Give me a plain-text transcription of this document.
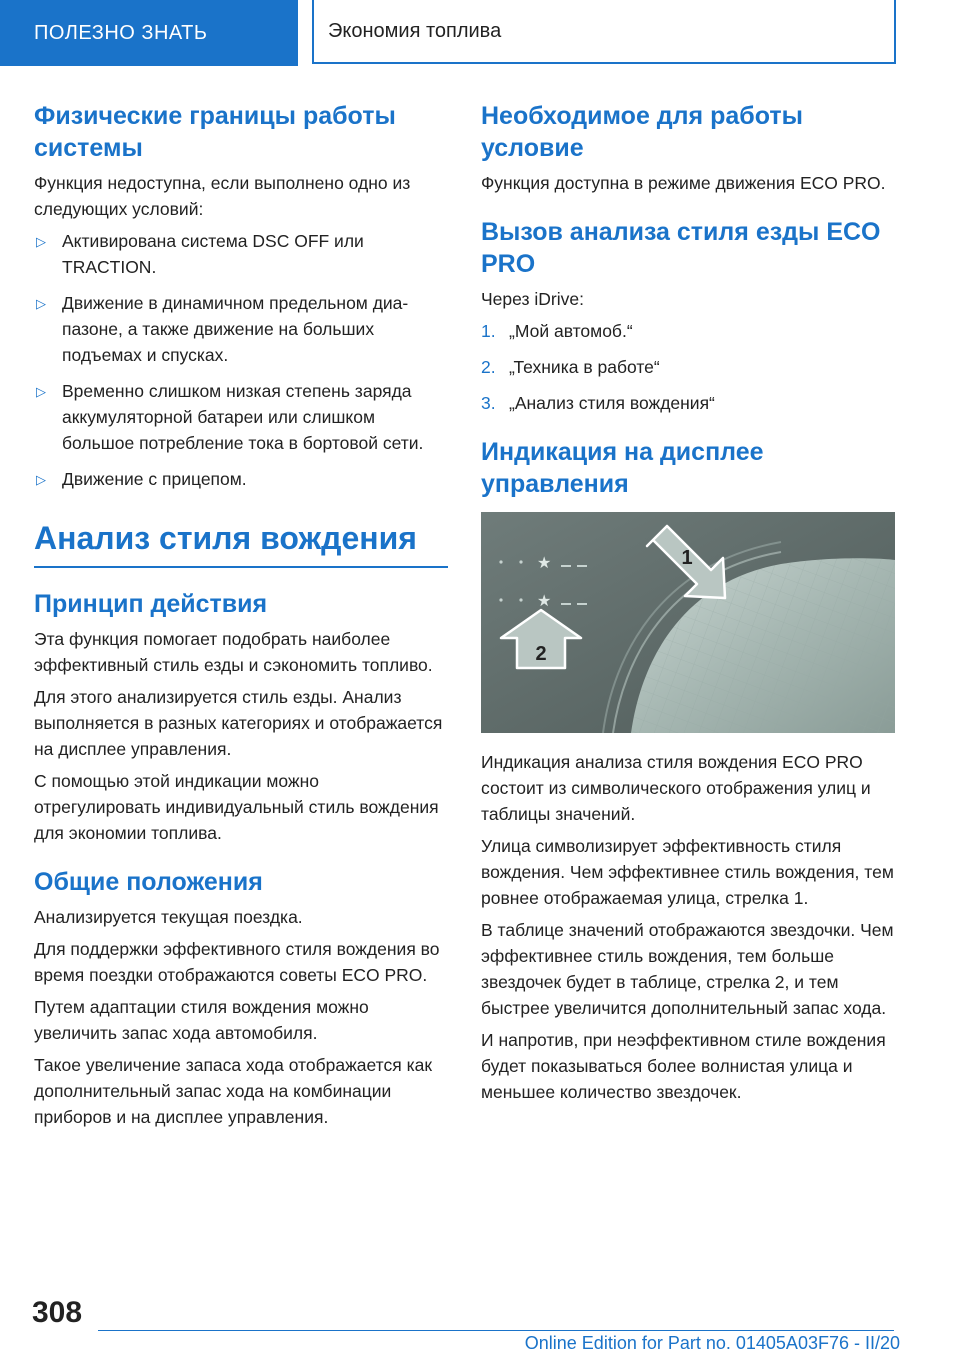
ПОЛЕЗНО ЗНАТЬ	Экономия топлива
Физические границы работы системы

Функция недоступна, если выполнено одно из следующих условий:

▷ Активирована система DSC OFF или TRACTION.
▷ Движение в динамичном предельном диа-пазоне, а также движение на больших подъемах и спусках.
▷ Временно слишком низкая степень заряда аккумуляторной батареи или слишком большое потребление тока в бортовой сети.
▷ Движение с прицепом.
Анализ стиля вождения
Принцип действия

Эта функция помогает подобрать наиболее эффективный стиль езды и сэкономить топливо.

Для этого анализируется стиль езды. Анализ выполняется в разных категориях и отображается на дисплее управления.

С помощью этой индикации можно отрегулировать индивидуальный стиль вождения для экономии топлива.

Общие положения

Анализируется текущая поездка.

Для поддержки эффективного стиля вождения во время поездки отображаются советы ECO PRO.

Путем адаптации стиля вождения можно увеличить запас хода автомобиля.

Такое увеличение запаса хода отображается как дополнительный запас хода на комбинации приборов и на дисплее управления.

Необходимое для работы условие

Функция доступна в режиме движения ECO PRO.

Вызов анализа стиля езды ECO PRO

Через iDrive:

1. „Мой автомоб.“
2. „Техника в работе“
3. „Анализ стиля вождения“
Индикация на дисплее управления
★
★
1
2

Индикация анализа стиля вождения ECO PRO состоит из символического отображения улиц и таблицы значений.

Улица символизирует эффективность стиля вождения. Чем эффективнее стиль вождения, тем ровнее отображаемая улица, стрелка 1.

В таблице значений отображаются звездочки. Чем эффективнее стиль вождения, тем больше звездочек будет в таблице, стрелка 2, и тем быстрее увеличится дополнительный запас хода.

И напротив, при неэффективном стиле вождения будет показываться более волнистая улица и меньшее количество звездочек.

308
Online Edition for Part no. 01405A03F76 - II/20
